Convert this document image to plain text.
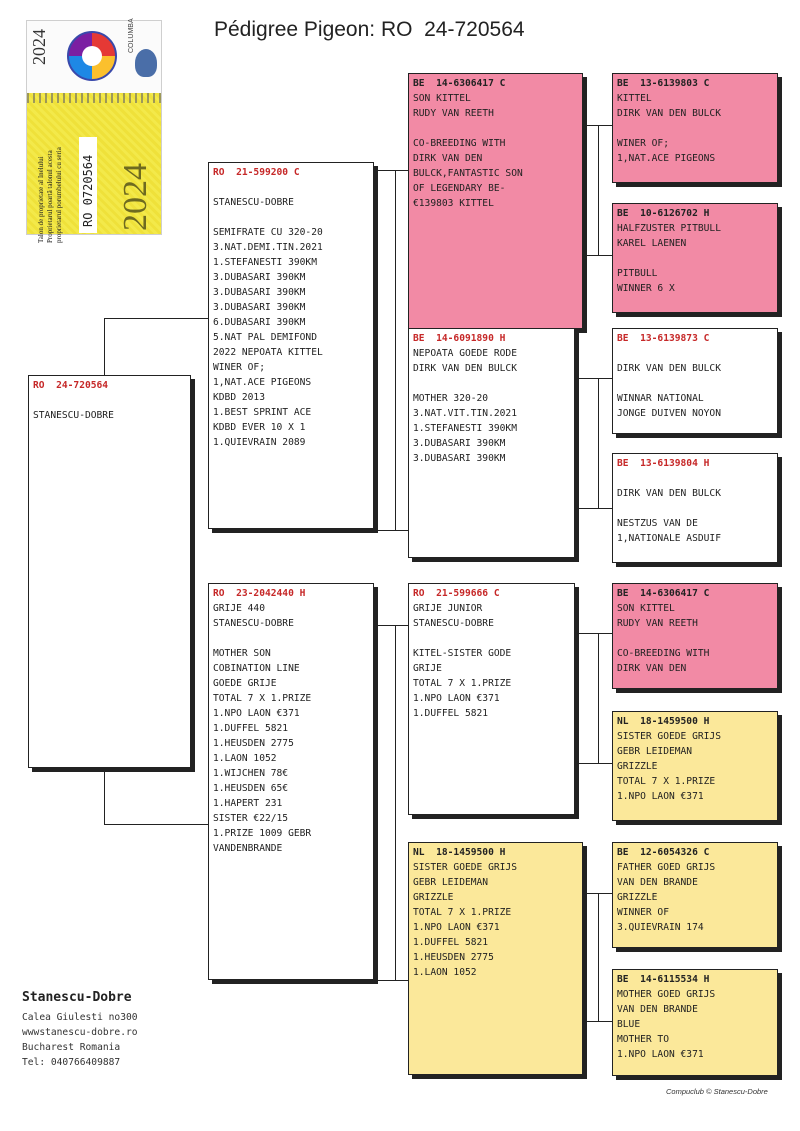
Pédigree Pigeon: RO  24-720564
2024	COLUMBA
Talon de proprietate al Inelului Proprietarul poartă talonul acesta proprietarul porumbelului cu seria RO 0720564 2024
RO  24-720564
STANESCU-DOBRE
RO  21-599200 C
STANESCU-DOBRE
SEMIFRATE CU 320-20
3.NAT.DEMI.TIN.2021
1.STEFANESTI 390KM
3.DUBASARI 390KM
3.DUBASARI 390KM
3.DUBASARI 390KM
6.DUBASARI 390KM
5.NAT PAL DEMIFOND
2022 NEPOATA KITTEL
WINER OF;
1,NAT.ACE PIGEONS
KDBD 2013
1.BEST SPRINT ACE
KDBD EVER 10 X 1
1.QUIEVRAIN 2089
RO  23-2042440 H
GRIJE 440
STANESCU-DOBRE
MOTHER SON
COBINATION LINE
GOEDE GRIJE
TOTAL 7 X 1.PRIZE
1.NPO LAON €371
1.DUFFEL 5821
1.HEUSDEN 2775
1.LAON 1052
1.WIJCHEN 78€
1.HEUSDEN 65€
1.HAPERT 231
SISTER €22/15
1.PRIZE 1009 GEBR
VANDENBRANDE
BE  14-6306417 C
SON KITTEL
RUDY VAN REETH
CO-BREEDING WITH
DIRK VAN DEN
BULCK,FANTASTIC SON
OF LEGENDARY BE-
€139803 KITTEL
BE  14-6091890 H
NEPOATA GOEDE RODE
DIRK VAN DEN BULCK
MOTHER 320-20
3.NAT.VIT.TIN.2021
1.STEFANESTI 390KM
3.DUBASARI 390KM
3.DUBASARI 390KM
RO  21-599666 C
GRIJE JUNIOR
STANESCU-DOBRE
KITEL-SISTER GODE
GRIJE
TOTAL 7 X 1.PRIZE
1.NPO LAON €371
1.DUFFEL 5821
NL  18-1459500 H
SISTER GOEDE GRIJS
GEBR LEIDEMAN
GRIZZLE
TOTAL 7 X 1.PRIZE
1.NPO LAON €371
1.DUFFEL 5821
1.HEUSDEN 2775
1.LAON 1052
BE  13-6139803 C
KITTEL
DIRK VAN DEN BULCK
WINER OF;
1,NAT.ACE PIGEONS
BE  10-6126702 H
HALFZUSTER PITBULL
KAREL LAENEN
PITBULL
WINNER 6 X
BE  13-6139873 C
DIRK VAN DEN BULCK
WINNAR NATIONAL
JONGE DUIVEN NOYON
BE  13-6139804 H
DIRK VAN DEN BULCK
NESTZUS VAN DE
1,NATIONALE ASDUIF
BE  14-6306417 C
SON KITTEL
RUDY VAN REETH
CO-BREEDING WITH
DIRK VAN DEN
NL  18-1459500 H
SISTER GOEDE GRIJS
GEBR LEIDEMAN
GRIZZLE
TOTAL 7 X 1.PRIZE
1.NPO LAON €371
BE  12-6054326 C
FATHER GOED GRIJS
VAN DEN BRANDE
GRIZZLE
WINNER OF
3.QUIEVRAIN 174
BE  14-6115534 H
MOTHER GOED GRIJS
VAN DEN BRANDE
BLUE
MOTHER TO
1.NPO LAON €371
Stanescu-Dobre
Calea Giulesti no300
wwwstanescu-dobre.ro
Bucharest Romania
Tel: 040766409887
Compuclub © Stanescu-Dobre
